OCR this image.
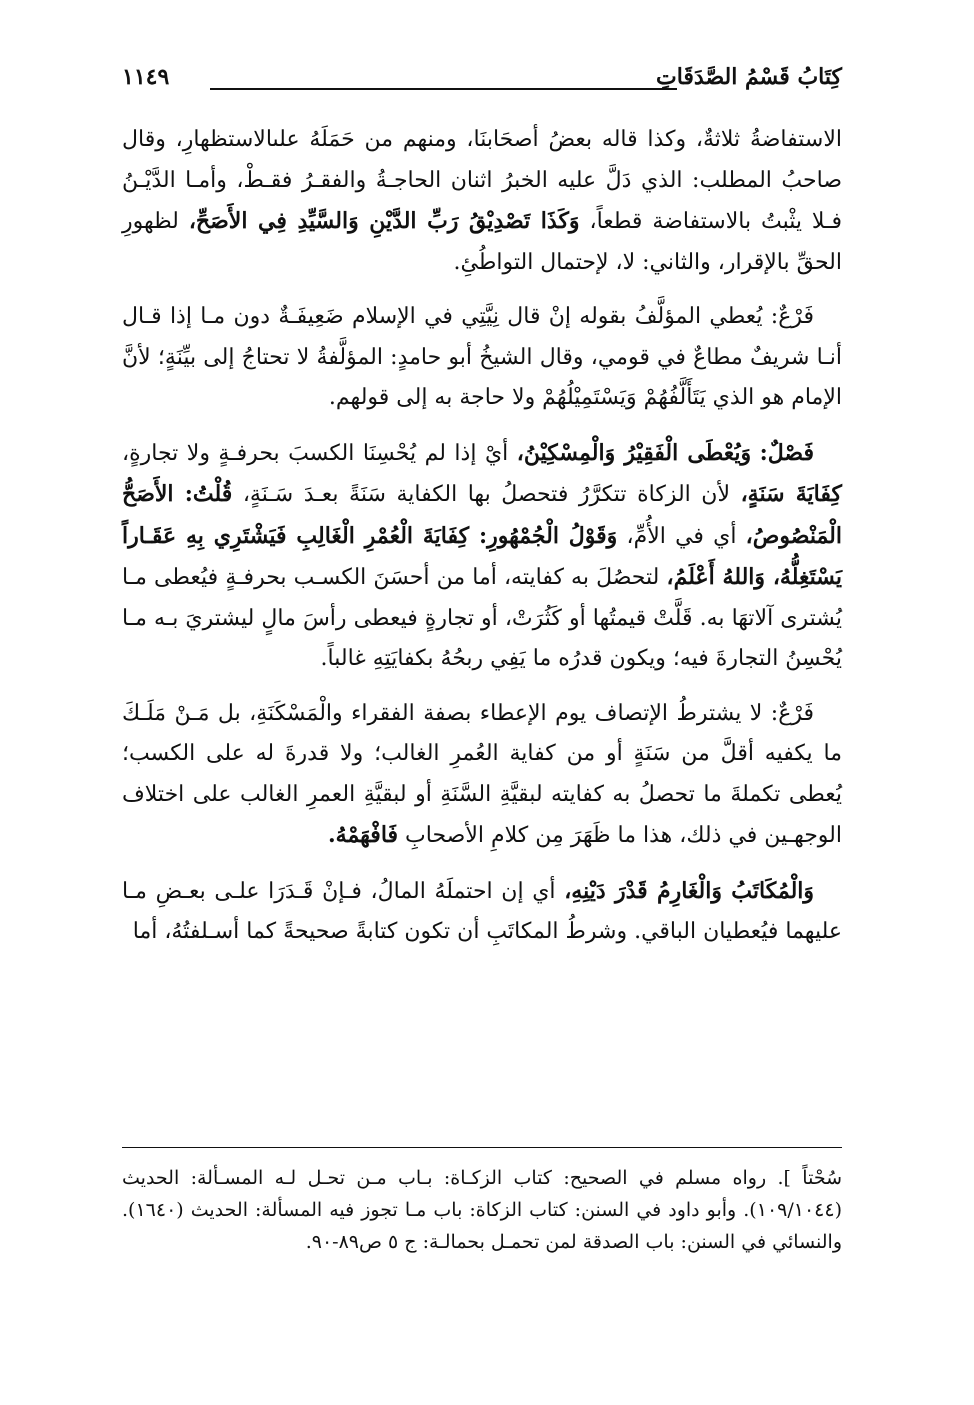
كِتَابُ قَسْمُ الصَّدَقَاتِ
١١٤٩

الاستفاضةُ ثلاثةٌ، وكذا قاله بعضُ أصحَابنَا، ومنهم من حَمَلَهُ علىالاستظهارِ، وقال صاحبُ المطلب: الذي دَلَّ عليه الخبرُ اثنان الحاجـةُ والفقـرُ فقـطْ، وأمـا الدَّيْـنُ فـلا يثْبتُ بالاستفاضة قطعاً، وَكَذَا تَصْدِيْقُ رَبِّ الدَّيْنِ وَالسَّيِّدِ فِي الأَصَحِّ، لظهورِ الحقِّ بالإقرار، والثاني: لا، لإحتمال التواطُئِ.

فَرْعٌ: يُعطي المؤلَّفُ بقوله إنْ قال نِيَّتِي في الإسلام ضَعِيفَـةٌ دون مـا إذا قـال أنـا شريفٌ مطاعٌ في قومي، وقال الشيخُ أبو حامدٍ: المؤلَّفةُ لا تحتاجُ إلى بيِّنَةٍ؛ لأنَّ الإمام هو الذي يَتَأَلَّفُهُمْ وَيَسْتَمِيْلُهُمْ ولا حاجة به إلى قولهم.

فَصْلٌ: وَيُعْطَى الْفَقِيْرُ وَالْمِسْكِيْنُ، أيْ إذا لم يُحْسِنَا الكسبَ بحرفـةٍ ولا تجارةٍ، كِفَايَةَ سَنَةٍ، لأن الزكاة تتكرَّرُ فتحصلُ بها الكفاية سَنَةً بعـدَ سَـنَةٍ، قُلْتُ: الأَصَحُّ الْمَنْصُوصُ، أي في الأُمِّ، وَقَوْلُ الْجُمْهُورِ: كِفَايَةَ الْعُمْرِ الْغَالِبِ فَيَشْتَرِي بِهِ عَقَـاراً يَسْتَغِلُّهُ، وَاللهُ أَعْلَمُ، لتحصُلَ به كفايته، أما من أحسَنَ الكسـب بحرفـةٍ فيُعطى مـا يُشترى آلاتهَا به. قَلَّتْ قيمتُها أو كَثُرَتْ، أو تجارةٍ فيعطى رأسَ مالٍ ليشتريَ بـه مـا يُحْسِنُ التجارةَ فيه؛ ويكون قدرُه ما يَفِي ربحُهُ بكفايَتِهِ غالباً.

فَرْعٌ: لا يشترطُ الإتصاف يوم الإعطاء بصفة الفقراء والْمَسْكَنَةِ، بل مَـنْ مَلَـكَ ما يكفيه أقلَّ من سَنَةٍ أو من كفاية العُمرِ الغالب؛ ولا قدرةَ له على الكسب؛ يُعطى تكملةَ ما تحصلُ به كفايته لبقيَّةِ السَّنَةِ أو لبقيَّةِ العمرِ الغالب على اختلاف الوجهـين في ذلك، هذا ما ظَهَرَ مِن كلامِ الأصحابِ فَافْهَمْهُ.

وَالْمُكَاتَبُ وَالْغَارِمُ قَدْرَ دَيْنِهِ، أي إن احتملَهُ المالُ، فـإنْ قَـدَرَا علـى بعـضِ مـا عليهما فيُعطيان الباقي. وشرطُ المكاتَبِ أن تكون كتابةً صحيحةً كما أسـلفتُهُ، أما

سُحْتاً ]. رواه مسلم في الصحيح: كتاب الزكـاة: بـاب مـن تحـل لـه المسـألة: الحديث (١٠٩/١٠٤٤). وأبو داود في السنن: كتاب الزكاة: باب مـا تجوز فيه المسألة: الحديث (١٦٤٠). والنسائي في السنن: باب الصدقة لمن تحمـل بحمالـة: ج ٥ ص٨٩-٩٠.
